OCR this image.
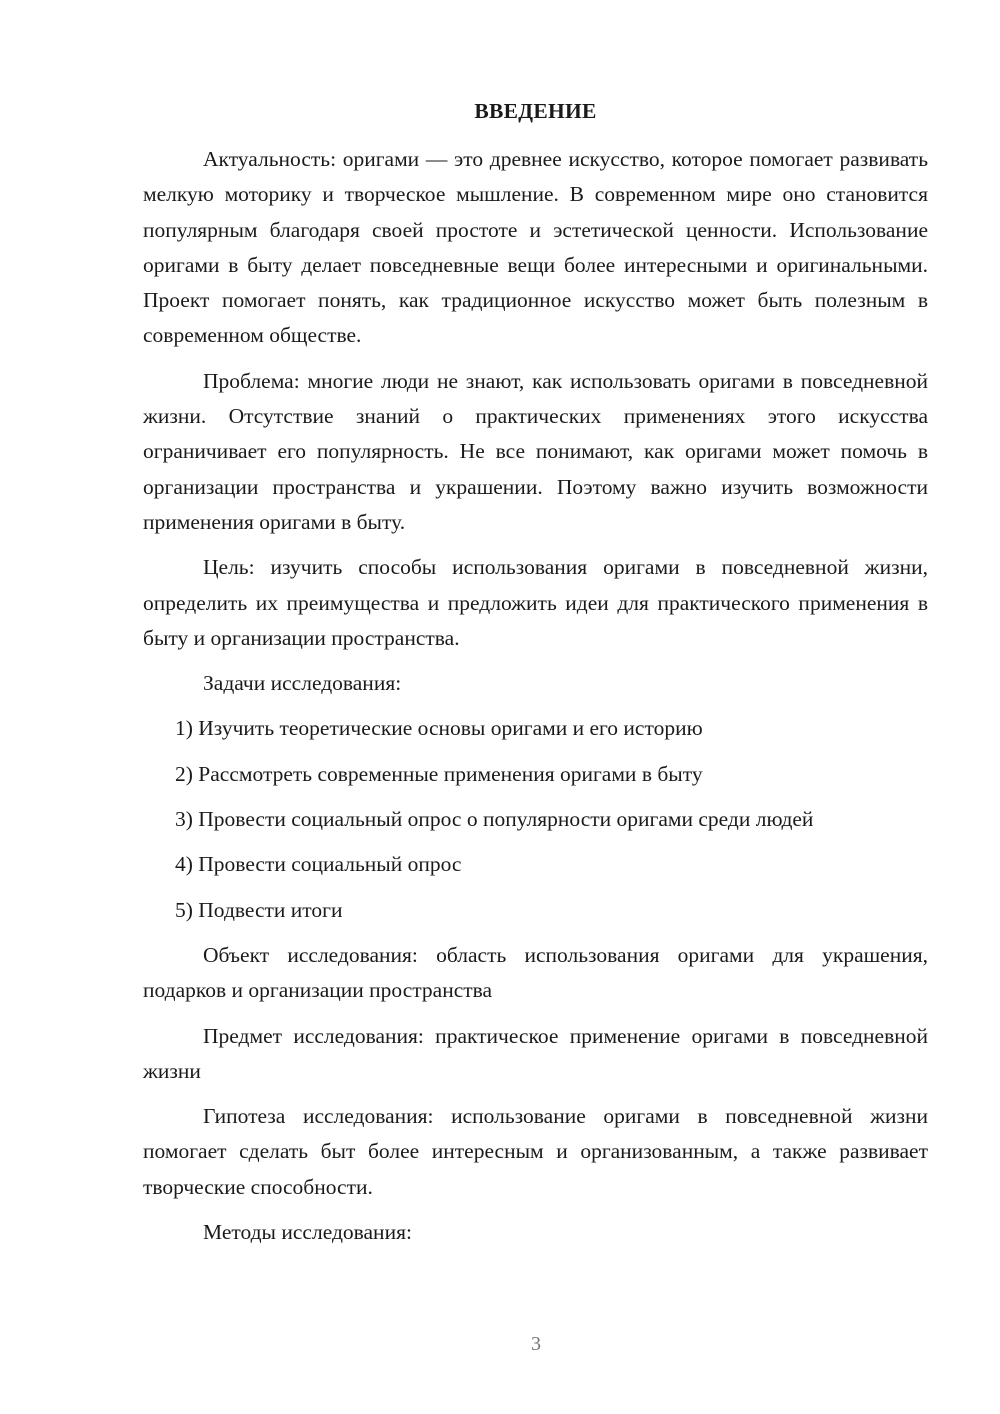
ВВЕДЕНИЕ

Актуальность: оригами — это древнее искусство, которое помогает развивать мелкую моторику и творческое мышление. В современном мире оно становится популярным благодаря своей простоте и эстетической ценности. Использование оригами в быту делает повседневные вещи более интересными и оригинальными. Проект помогает понять, как традиционное искусство может быть полезным в современном обществе.

Проблема: многие люди не знают, как использовать оригами в повседневной жизни. Отсутствие знаний о практических применениях этого искусства ограничивает его популярность. Не все понимают, как оригами может помочь в организации пространства и украшении. Поэтому важно изучить возможности применения оригами в быту.

Цель: изучить способы использования оригами в повседневной жизни, определить их преимущества и предложить идеи для практического применения в быту и организации пространства.

Задачи исследования:

1) Изучить теоретические основы оригами и его историю
2) Рассмотреть современные применения оригами в быту
3) Провести социальный опрос о популярности оригами среди людей
4) Провести социальный опрос
5) Подвести итоги

Объект исследования: область использования оригами для украшения, подарков и организации пространства

Предмет исследования: практическое применение оригами в повседневной жизни

Гипотеза исследования: использование оригами в повседневной жизни помогает сделать быт более интересным и организованным, а также развивает творческие способности.

Методы исследования:

3
